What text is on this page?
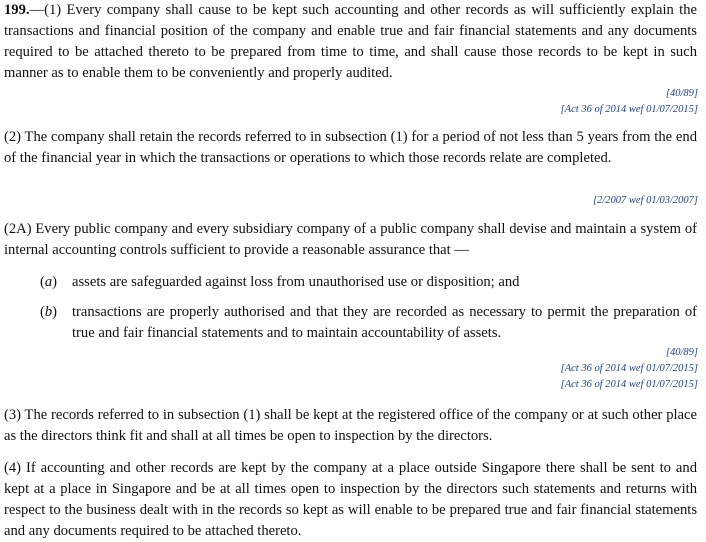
199.—(1) Every company shall cause to be kept such accounting and other records as will sufficiently explain the transactions and financial position of the company and enable true and fair financial statements and any documents required to be attached thereto to be prepared from time to time, and shall cause those records to be kept in such manner as to enable them to be conveniently and properly audited.

[40/89]
[Act 36 of 2014 wef 01/07/2015]

(2) The company shall retain the records referred to in subsection (1) for a period of not less than 5 years from the end of the financial year in which the transactions or operations to which those records relate are completed.

[2/2007 wef 01/03/2007]

(2A) Every public company and every subsidiary company of a public company shall devise and maintain a system of internal accounting controls sufficient to provide a reasonable assurance that —

(a)	assets are safeguarded against loss from unauthorised use or disposition; and
(b)	transactions are properly authorised and that they are recorded as necessary to permit the preparation of true and fair financial statements and to maintain accountability of assets.
[40/89]
[Act 36 of 2014 wef 01/07/2015]
[Act 36 of 2014 wef 01/07/2015]

(3) The records referred to in subsection (1) shall be kept at the registered office of the company or at such other place as the directors think fit and shall at all times be open to inspection by the directors.

(4) If accounting and other records are kept by the company at a place outside Singapore there shall be sent to and kept at a place in Singapore and be at all times open to inspection by the directors such statements and returns with respect to the business dealt with in the records so kept as will enable to be prepared true and fair financial statements and any documents required to be attached thereto.
